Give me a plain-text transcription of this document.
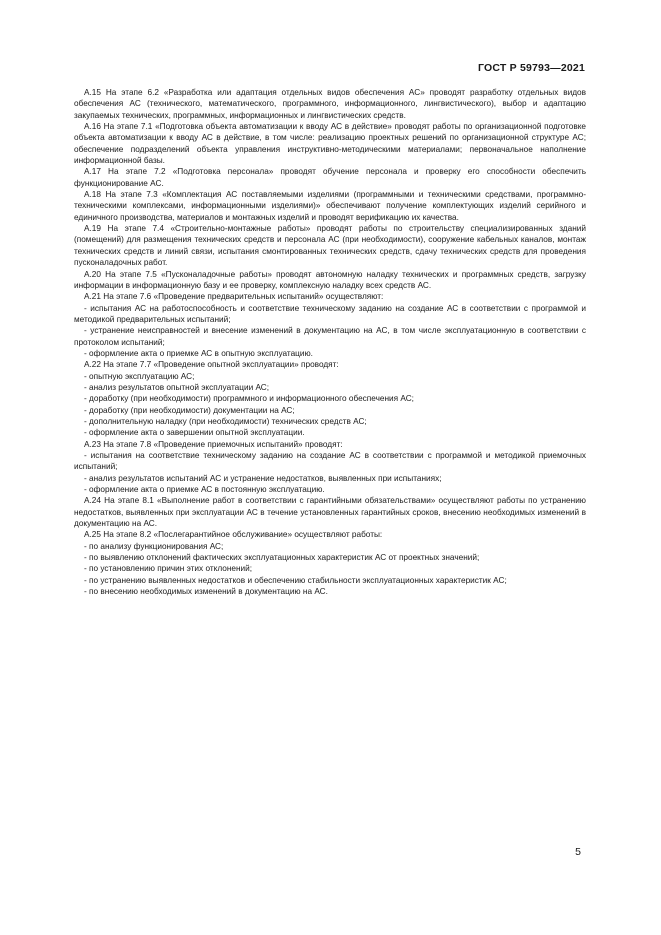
ГОСТ Р 59793—2021

А.15 На этапе 6.2 «Разработка или адаптация отдельных видов обеспечения АС» проводят разработку отдельных видов обеспечения АС (технического, математического, программного, информационного, лингвистического), выбор и адаптацию закупаемых технических, программных, информационных и лингвистических средств.

А.16 На этапе 7.1 «Подготовка объекта автоматизации к вводу АС в действие» проводят работы по организационной подготовке объекта автоматизации к вводу АС в действие, в том числе: реализацию проектных решений по организационной структуре АС; обеспечение подразделений объекта управления инструктивно-методическими материалами; первоначальное наполнение информационной базы.

А.17 На этапе 7.2 «Подготовка персонала» проводят обучение персонала и проверку его способности обеспечить функционирование АС.

А.18 На этапе 7.3 «Комплектация АС поставляемыми изделиями (программными и техническими средствами, программно-техническими комплексами, информационными изделиями)» обеспечивают получение комплектующих изделий серийного и единичного производства, материалов и монтажных изделий и проводят верификацию их качества.

А.19 На этапе 7.4 «Строительно-монтажные работы» проводят работы по строительству специализированных зданий (помещений) для размещения технических средств и персонала АС (при необходимости), сооружение кабельных каналов, монтаж технических средств и линий связи, испытания смонтированных технических средств, сдачу технических средств для проведения пусконаладочных работ.

А.20 На этапе 7.5 «Пусконаладочные работы» проводят автономную наладку технических и программных средств, загрузку информации в информационную базу и ее проверку, комплексную наладку всех средств АС.

А.21 На этапе 7.6 «Проведение предварительных испытаний» осуществляют:

- испытания АС на работоспособность и соответствие техническому заданию на создание АС в соответствии с программой и методикой предварительных испытаний;

- устранение неисправностей и внесение изменений в документацию на АС, в том числе эксплуатационную в соответствии с протоколом испытаний;

- оформление акта о приемке АС в опытную эксплуатацию.

А.22 На этапе 7.7 «Проведение опытной эксплуатации» проводят:

- опытную эксплуатацию АС;

- анализ результатов опытной эксплуатации АС;

- доработку (при необходимости) программного и информационного обеспечения АС;

- доработку (при необходимости) документации на АС;

- дополнительную наладку (при необходимости) технических средств АС;

- оформление акта о завершении опытной эксплуатации.

А.23 На этапе 7.8 «Проведение приемочных испытаний» проводят:

- испытания на соответствие техническому заданию на создание АС в соответствии с программой и методикой приемочных испытаний;

- анализ результатов испытаний АС и устранение недостатков, выявленных при испытаниях;

- оформление акта о приемке АС в постоянную эксплуатацию.

А.24 На этапе 8.1 «Выполнение работ в соответствии с гарантийными обязательствами» осуществляют работы по устранению недостатков, выявленных при эксплуатации АС в течение установленных гарантийных сроков, внесению необходимых изменений в документацию на АС.

А.25 На этапе 8.2 «Послегарантийное обслуживание» осуществляют работы:

- по анализу функционирования АС;

- по выявлению отклонений фактических эксплуатационных характеристик АС от проектных значений;

- по установлению причин этих отклонений;

- по устранению выявленных недостатков и обеспечению стабильности эксплуатационных характеристик АС;

- по внесению необходимых изменений в документацию на АС.

5
